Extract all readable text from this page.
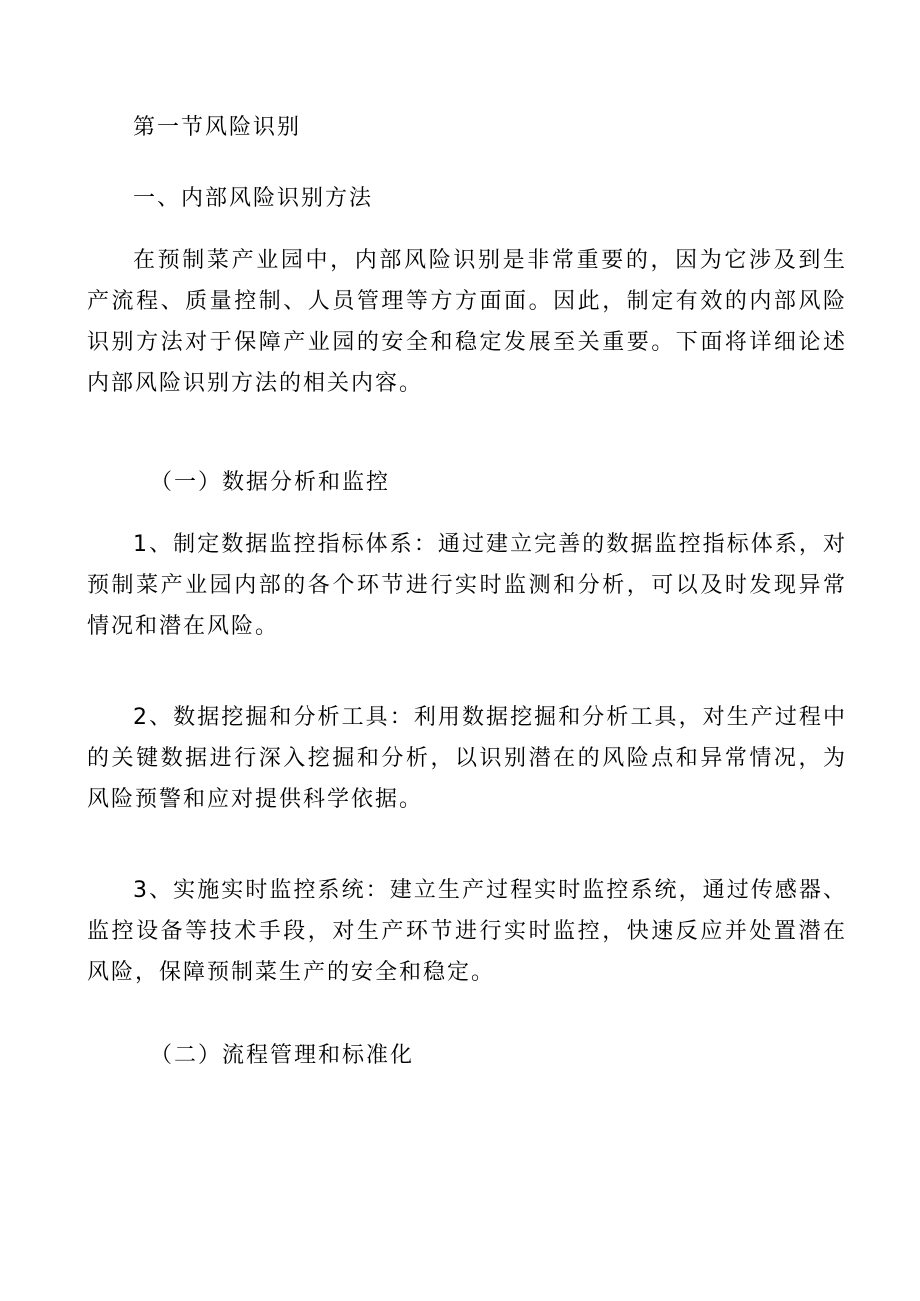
第一节风险识别

一、内部风险识别方法

在预制菜产业园中，内部风险识别是非常重要的，因为它涉及到生产流程、质量控制、人员管理等方方面面。因此，制定有效的内部风险识别方法对于保障产业园的安全和稳定发展至关重要。下面将详细论述内部风险识别方法的相关内容。

（一）数据分析和监控

1、制定数据监控指标体系：通过建立完善的数据监控指标体系，对预制菜产业园内部的各个环节进行实时监测和分析，可以及时发现异常情况和潜在风险。

2、数据挖掘和分析工具：利用数据挖掘和分析工具，对生产过程中的关键数据进行深入挖掘和分析，以识别潜在的风险点和异常情况，为风险预警和应对提供科学依据。

3、实施实时监控系统：建立生产过程实时监控系统，通过传感器、监控设备等技术手段，对生产环节进行实时监控，快速反应并处置潜在风险，保障预制菜生产的安全和稳定。

（二）流程管理和标准化
